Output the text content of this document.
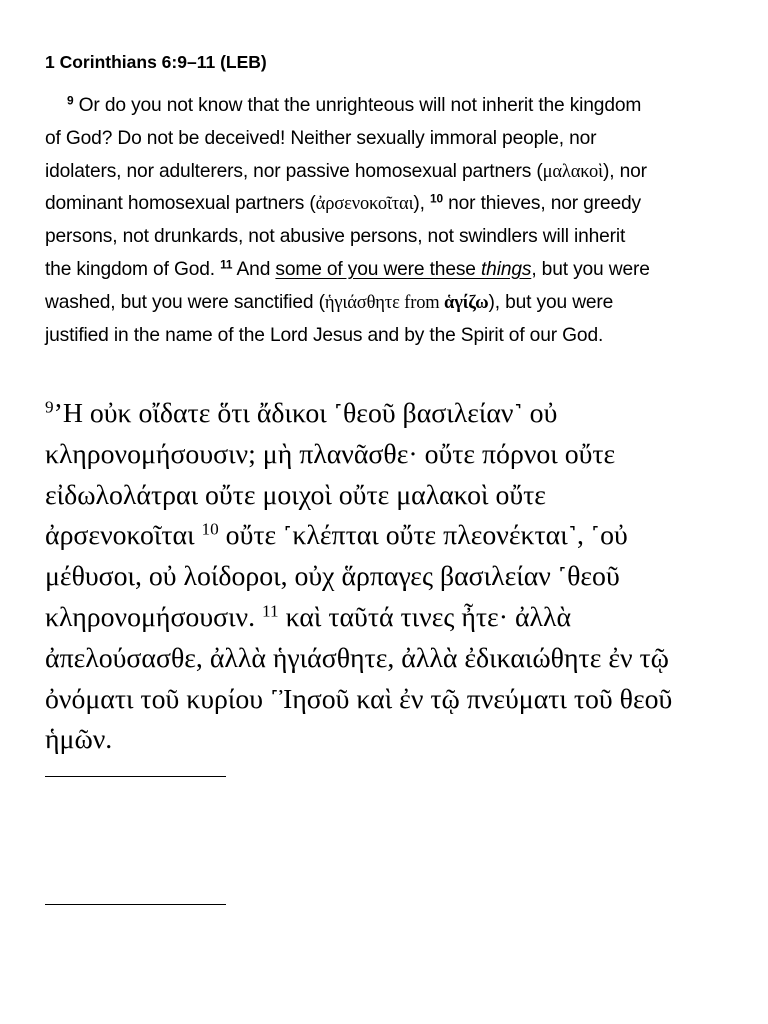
1 Corinthians 6:9–11 (LEB)
$^9$ Or do you not know that the unrighteous will not inherit the kingdom
of God? Do not be deceived! Neither sexually immoral people, nor
idolaters, nor adulterers, nor passive homosexual partners (μαλακοὶ), nor
dominant homosexual partners (ἀρσενοκοῖται), $^{10}$ nor thieves, nor greedy
persons, not drunkards, not abusive persons, not swindlers will inherit
the kingdom of God. $^{11}$ And some of you were these things, but you were
washed, but you were sanctified (ἡγιάσθητε from ἁγίζω), but you were
justified in the name of the Lord Jesus and by the Spirit of our God.
$^9$’Η οὐκ οἴδατε ὅτι ἄδικοι ˹θεοῦ βασιλείαν˺ οὐ
κληρονομήσουσιν; μὴ πλανᾶσθε· οὔτε πόρνοι οὔτε
εἰδωλολάτραι οὔτε μοιχοὶ οὔτε μαλακοὶ οὔτε
ἀρσενοκοῖται $^{10}$ οὔτε ˹κλέπται οὔτε πλεονέκται˺, ˹οὐ
μέθυσοι, οὐ λοίδοροι, οὐχ ἅρπαγες βασιλείαν ˹θεοῦ
κληρονομήσουσιν. $^{11}$ καὶ ταῦτά τινες ἦτε· ἀλλὰ
ἀπελούσασθε, ἀλλὰ ἡγιάσθητε, ἀλλὰ ἐδικαιώθητε ἐν τῷ
ὀνόματι τοῦ κυρίου ˹Ἰησοῦ καὶ ἐν τῷ πνεύματι τοῦ θεοῦ
ἡμῶν.
